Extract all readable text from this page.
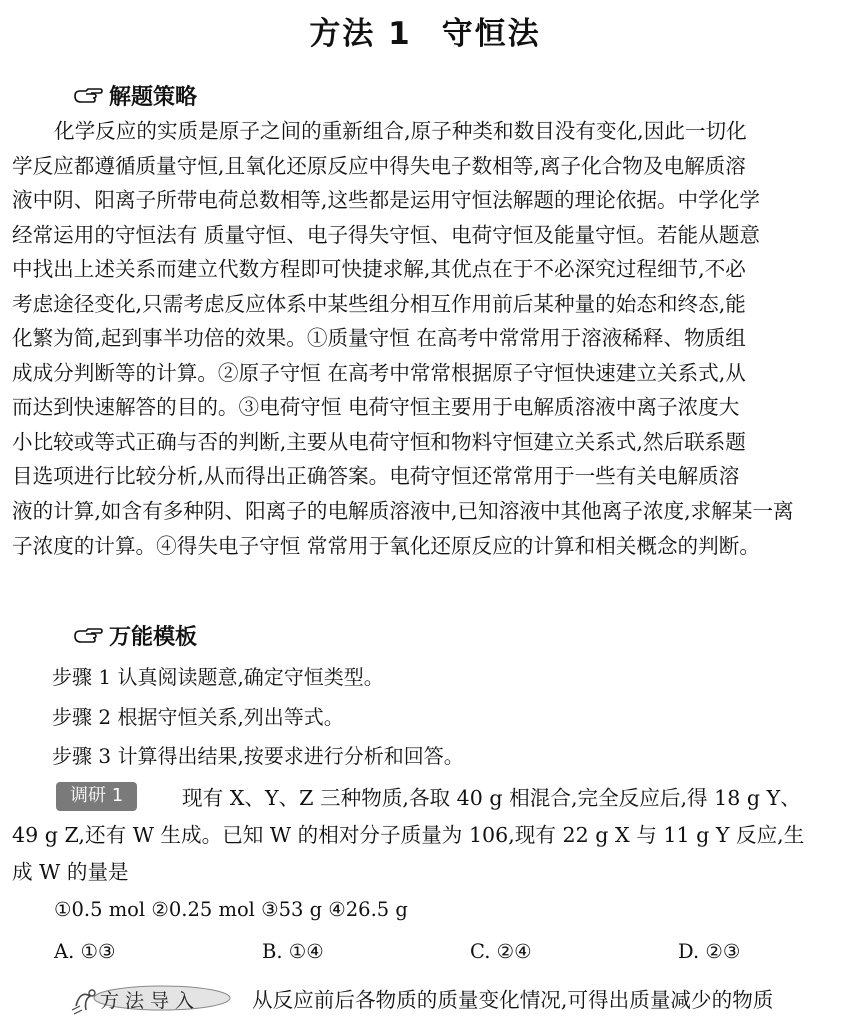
方法 1 守恒法
解题策略
化学反应的实质是原子之间的重新组合,原子种类和数目没有变化,因此一切化
学反应都遵循质量守恒,且氧化还原反应中得失电子数相等,离子化合物及电解质溶
液中阴、阳离子所带电荷总数相等,这些都是运用守恒法解题的理论依据。中学化学
经常运用的守恒法有 质量守恒、电子得失守恒、电荷守恒及能量守恒。若能从题意
中找出上述关系而建立代数方程即可快捷求解,其优点在于不必深究过程细节,不必
考虑途径变化,只需考虑反应体系中某些组分相互作用前后某种量的始态和终态,能
化繁为简,起到事半功倍的效果。①质量守恒 在高考中常常用于溶液稀释、物质组
成成分判断等的计算。②原子守恒 在高考中常常根据原子守恒快速建立关系式,从
而达到快速解答的目的。③电荷守恒 电荷守恒主要用于电解质溶液中离子浓度大
小比较或等式正确与否的判断,主要从电荷守恒和物料守恒建立关系式,然后联系题
目选项进行比较分析,从而得出正确答案。电荷守恒还常常用于一些有关电解质溶
液的计算,如含有多种阴、阳离子的电解质溶液中,已知溶液中其他离子浓度,求解某一离
子浓度的计算。④得失电子守恒 常常用于氧化还原反应的计算和相关概念的判断。
万能模板
步骤 1 认真阅读题意,确定守恒类型。
步骤 2 根据守恒关系,列出等式。
步骤 3 计算得出结果,按要求进行分析和回答。
调研 1	现有 X、Y、Z 三种物质,各取 40 g 相混合,完全反应后,得 18 g Y、
49 g Z,还有 W 生成。已知 W 的相对分子质量为 106,现有 22 g X 与 11 g Y 反应,生
成 W 的量是
①0.5 mol ②0.25 mol ③53 g ④26.5 g
A. ①③	B. ①④	C. ②④	D. ②③
方法导入	从反应前后各物质的质量变化情况,可得出质量减少的物质
